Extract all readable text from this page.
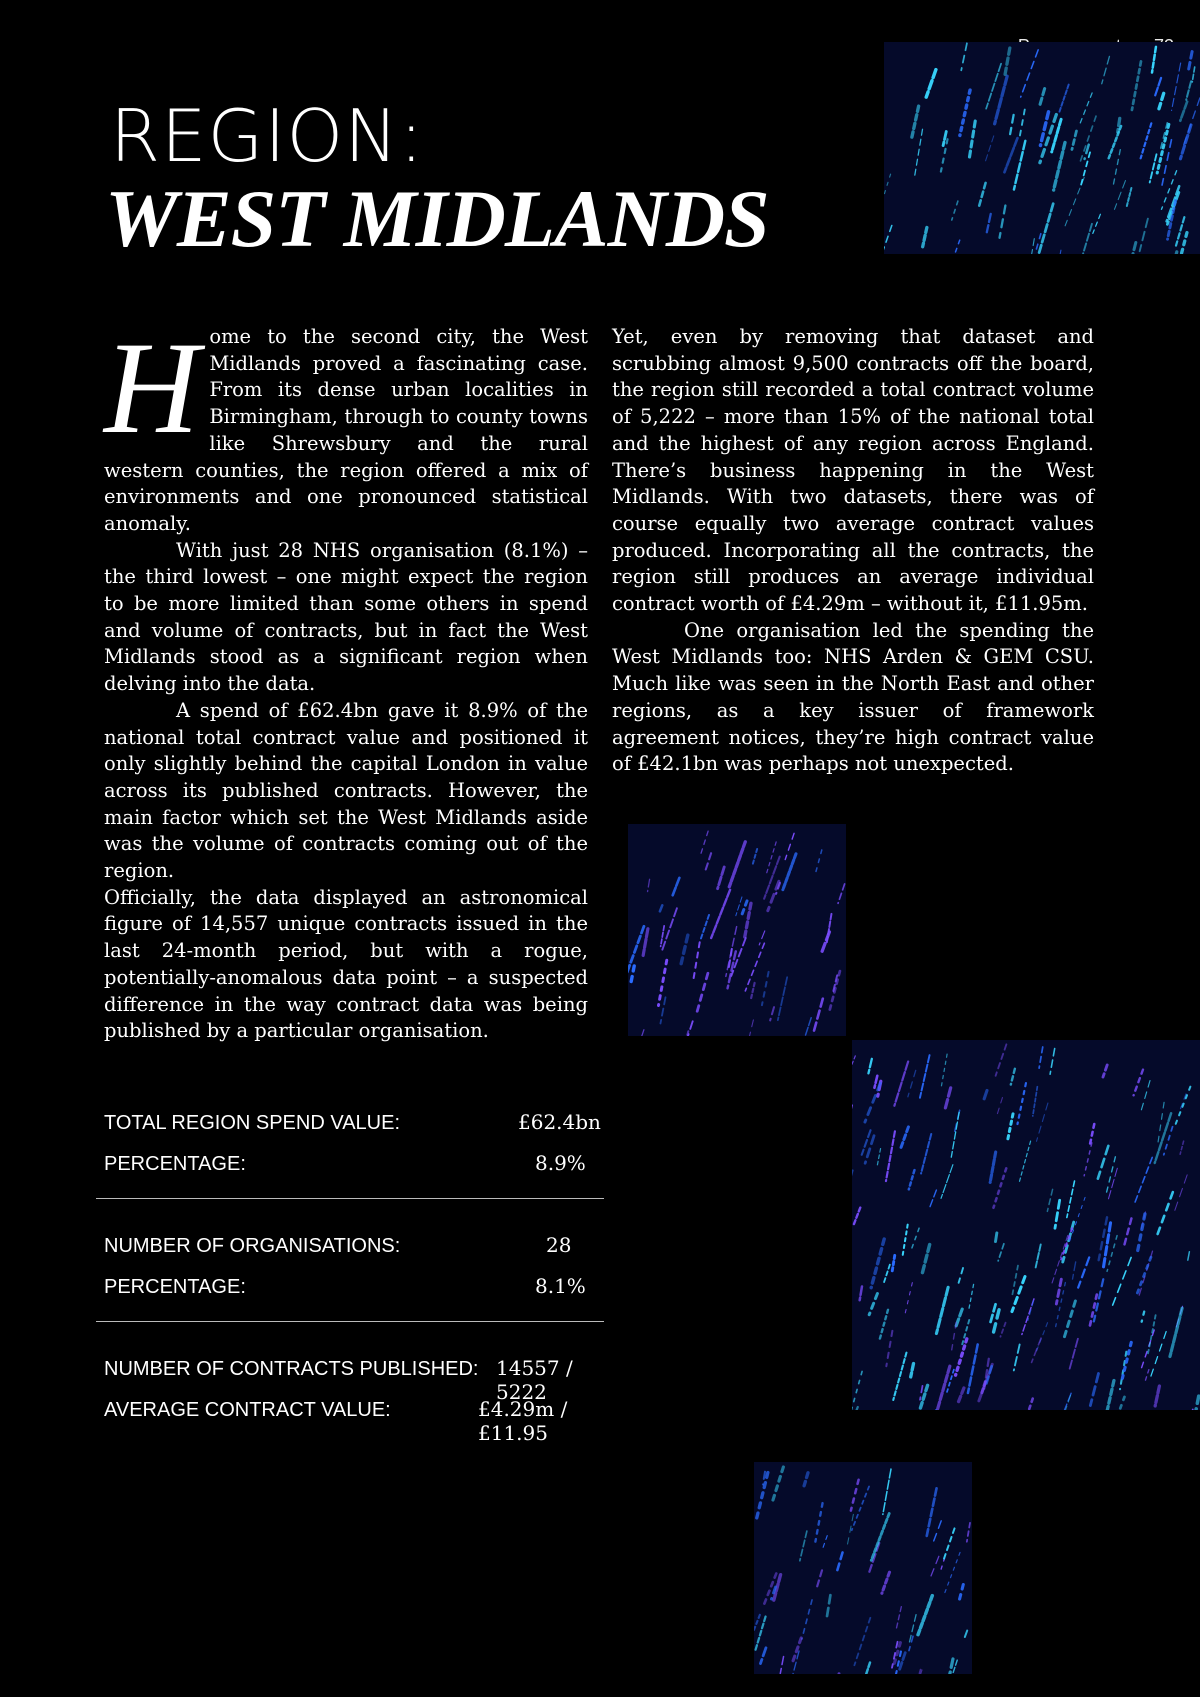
REGION:
WEST MIDLANDS

Home to the second city, the West Midlands proved a fascinating case. From its dense urban localities in Birmingham, through to county towns like Shrewsbury and the rural western counties, the region offered a mix of environments and one pronounced statistical anomaly.

With just 28 NHS organisation (8.1%) – the third lowest – one might expect the region to be more limited than some others in spend and volume of contracts, but in fact the West Midlands stood as a significant region when delving into the data.

A spend of £62.4bn gave it 8.9% of the national total contract value and positioned it only slightly behind the capital London in value across its published contracts. However, the main factor which set the West Midlands aside was the volume of contracts coming out of the region.

Officially, the data displayed an astronomical figure of 14,557 unique contracts issued in the last 24-month period, but with a rogue, potentially-anomalous data point – a suspected difference in the way contract data was being published by a particular organisation.

Yet, even by removing that dataset and scrubbing almost 9,500 contracts off the board, the region still recorded a total contract volume of 5,222 – more than 15% of the national total and the highest of any region across England. There’s business happening in the West Midlands. With two datasets, there was of course equally two average contract values produced. Incorporating all the contracts, the region still produces an average individual contract worth of £4.29m – without it, £11.95m.

One organisation led the spending the West Midlands too: NHS Arden & GEM CSU. Much like was seen in the North East and other regions, as a key issuer of framework agreement notices, they’re high contract value of £42.1bn was perhaps not unexpected.

TOTAL REGION SPEND VALUE:	£62.4bn
PERCENTAGE:	8.9%
NUMBER OF ORGANISATIONS:	28
PERCENTAGE:	8.1%
NUMBER OF CONTRACTS PUBLISHED: 14557 / 5222
AVERAGE CONTRACT VALUE:	£4.29m / £11.95
